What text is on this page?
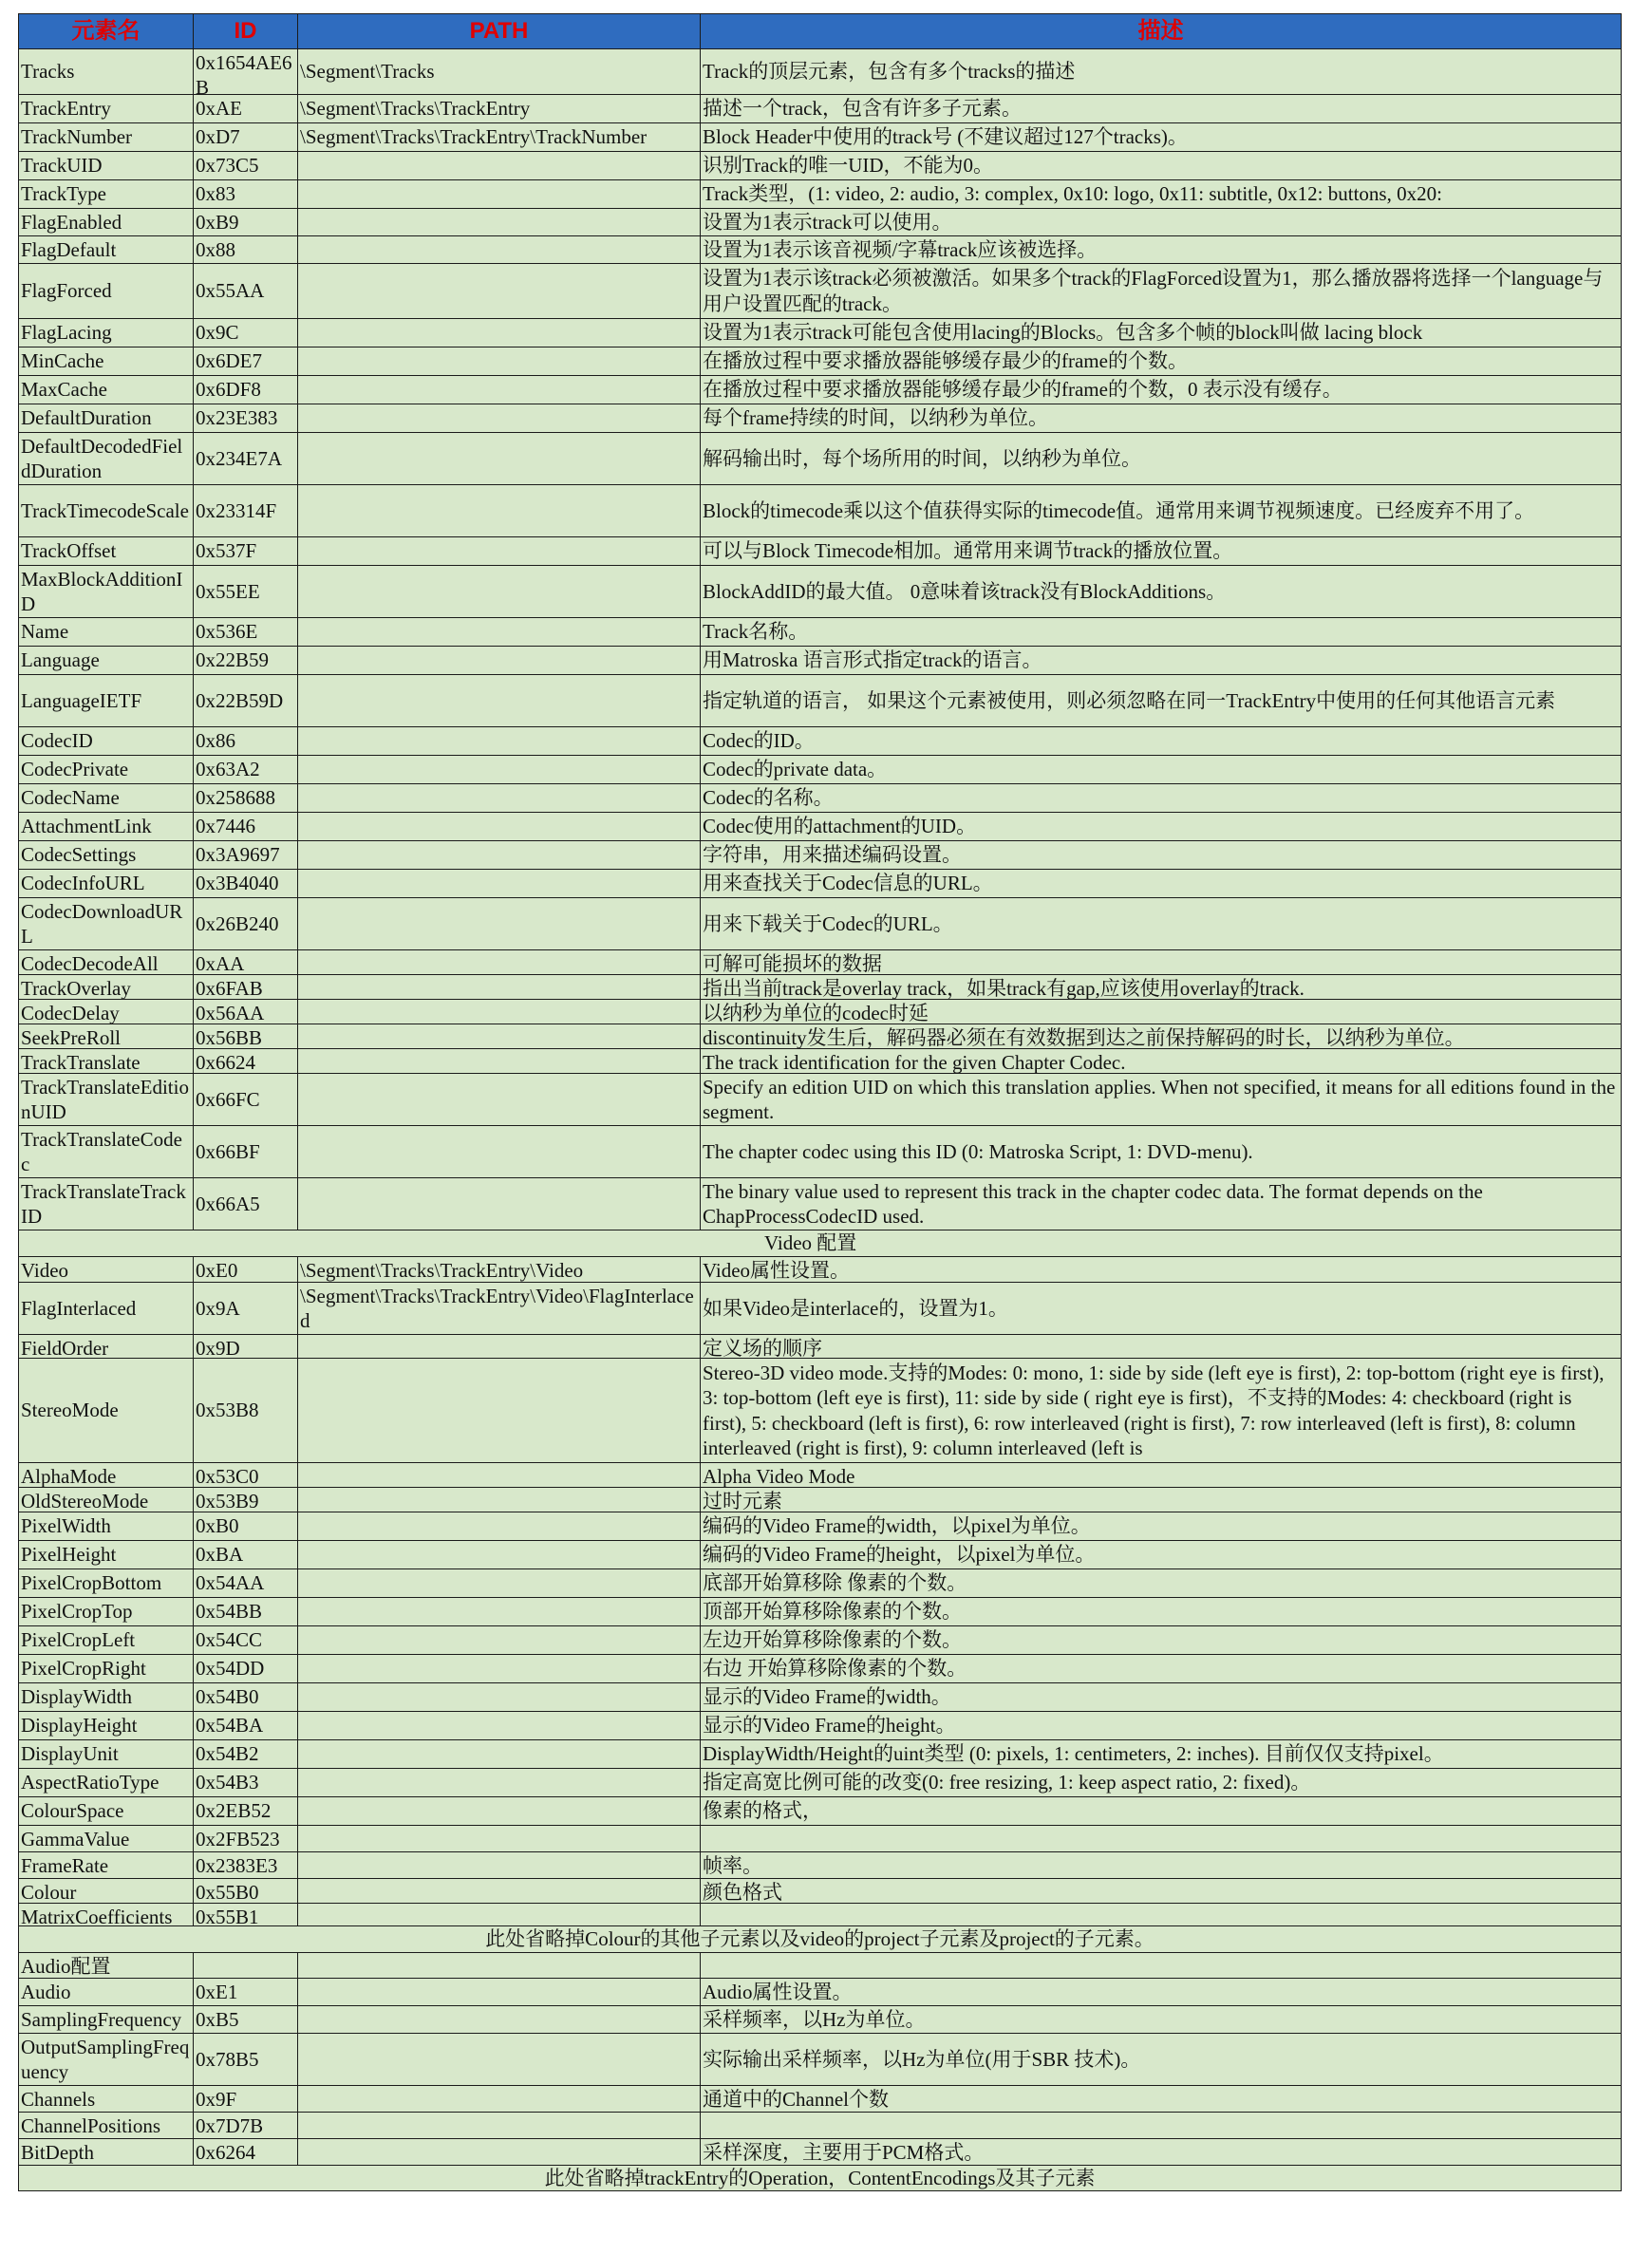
元素名	ID	PATH	描述

Tracks	0x1654AE6B	\Segment\Tracks	Track的顶层元素，包含有多个tracks的描述

TrackEntry	0xAE	\Segment\Tracks\TrackEntry	描述一个track，包含有许多子元素。

TrackNumber	0xD7	\Segment\Tracks\TrackEntry\TrackNumber	Block Header中使用的track号 (不建议超过127个tracks)。

TrackUID	0x73C5		识别Track的唯一UID，不能为0。

TrackType	0x83		Track类型，(1: video, 2: audio, 3: complex, 0x10: logo, 0x11: subtitle, 0x12: buttons, 0x20:

FlagEnabled	0xB9		设置为1表示track可以使用。

FlagDefault	0x88		设置为1表示该音视频/字幕track应该被选择。

FlagForced	0x55AA		设置为1表示该track必须被激活。如果多个track的FlagForced设置为1，那么播放器将选择一个language与用户设置匹配的track。

FlagLacing	0x9C		设置为1表示track可能包含使用lacing的Blocks。包含多个帧的block叫做 lacing block

MinCache	0x6DE7		在播放过程中要求播放器能够缓存最少的frame的个数。

MaxCache	0x6DF8		在播放过程中要求播放器能够缓存最少的frame的个数，0 表示没有缓存。

DefaultDuration	0x23E383		每个frame持续的时间，以纳秒为单位。

DefaultDecodedFieldDuration	0x234E7A		解码输出时，每个场所用的时间，以纳秒为单位。

TrackTimecodeScale	0x23314F		Block的timecode乘以这个值获得实际的timecode值。通常用来调节视频速度。已经废弃不用了。

TrackOffset	0x537F		可以与Block Timecode相加。通常用来调节track的播放位置。

MaxBlockAdditionID	0x55EE		BlockAddID的最大值。 0意味着该track没有BlockAdditions。

Name	0x536E		Track名称。

Language	0x22B59		用Matroska 语言形式指定track的语言。

LanguageIETF	0x22B59D		指定轨道的语言， 如果这个元素被使用，则必须忽略在同一TrackEntry中使用的任何其他语言元素

CodecID	0x86		Codec的ID。

CodecPrivate	0x63A2		Codec的private data。

CodecName	0x258688		Codec的名称。

AttachmentLink	0x7446		Codec使用的attachment的UID。

CodecSettings	0x3A9697		字符串，用来描述编码设置。

CodecInfoURL	0x3B4040		用来查找关于Codec信息的URL。

CodecDownloadURL	0x26B240		用来下载关于Codec的URL。

CodecDecodeAll	0xAA		可解可能损坏的数据

TrackOverlay	0x6FAB		指出当前track是overlay track，如果track有gap,应该使用overlay的track.

CodecDelay	0x56AA		以纳秒为单位的codec时延

SeekPreRoll	0x56BB		discontinuity发生后，解码器必须在有效数据到达之前保持解码的时长，以纳秒为单位。

TrackTranslate	0x6624		The track identification for the given Chapter Codec.

TrackTranslateEditionUID	0x66FC		Specify an edition UID on which this translation applies. When not specified, it means for all editions found in the segment.

TrackTranslateCodec	0x66BF		The chapter codec using this ID (0: Matroska Script, 1: DVD-menu).

TrackTranslateTrackID	0x66A5		The binary value used to represent this track in the chapter codec data. The format depends on the ChapProcessCodecID used.

Video 配置			

Video	0xE0	\Segment\Tracks\TrackEntry\Video	Video属性设置。

FlagInterlaced	0x9A	\Segment\Tracks\TrackEntry\Video\FlagInterlaced	如果Video是interlace的，设置为1。

FieldOrder	0x9D		定义场的顺序

StereoMode	0x53B8		Stereo-3D video mode.支持的Modes: 0: mono, 1: side by side (left eye is first), 2: top-bottom (right eye is first), 3: top-bottom (left eye is first), 11: side by side ( right eye is first)，不支持的Modes: 4: checkboard (right is first), 5: checkboard (left is first), 6: row interleaved (right is first), 7: row interleaved (left is first), 8: column interleaved (right is first), 9: column interleaved (left is

AlphaMode	0x53C0		Alpha Video Mode

OldStereoMode	0x53B9		过时元素

PixelWidth	0xB0		编码的Video Frame的width，以pixel为单位。

PixelHeight	0xBA		编码的Video Frame的height，以pixel为单位。

PixelCropBottom	0x54AA		底部开始算移除 像素的个数。

PixelCropTop	0x54BB		顶部开始算移除像素的个数。

PixelCropLeft	0x54CC		左边开始算移除像素的个数。

PixelCropRight	0x54DD		右边 开始算移除像素的个数。

DisplayWidth	0x54B0		显示的Video Frame的width。

DisplayHeight	0x54BA		显示的Video Frame的height。

DisplayUnit	0x54B2		DisplayWidth/Height的uint类型 (0: pixels, 1: centimeters, 2: inches). 目前仅仅支持pixel。

AspectRatioType	0x54B3		指定高宽比例可能的改变(0: free resizing, 1: keep aspect ratio, 2: fixed)。

ColourSpace	0x2EB52		像素的格式，

GammaValue	0x2FB523		

FrameRate	0x2383E3		帧率。

Colour	0x55B0		颜色格式

MatrixCoefficients	0x55B1		

此处省略掉Colour的其他子元素以及video的project子元素及project的子元素。			

Audio配置			

Audio	0xE1		Audio属性设置。

SamplingFrequency	0xB5		采样频率，以Hz为单位。

OutputSamplingFrequency	0x78B5		实际输出采样频率，以Hz为单位(用于SBR 技术)。

Channels	0x9F		通道中的Channel个数

ChannelPositions	0x7D7B		

BitDepth	0x6264		采样深度，主要用于PCM格式。

此处省略掉trackEntry的Operation，ContentEncodings及其子元素			
